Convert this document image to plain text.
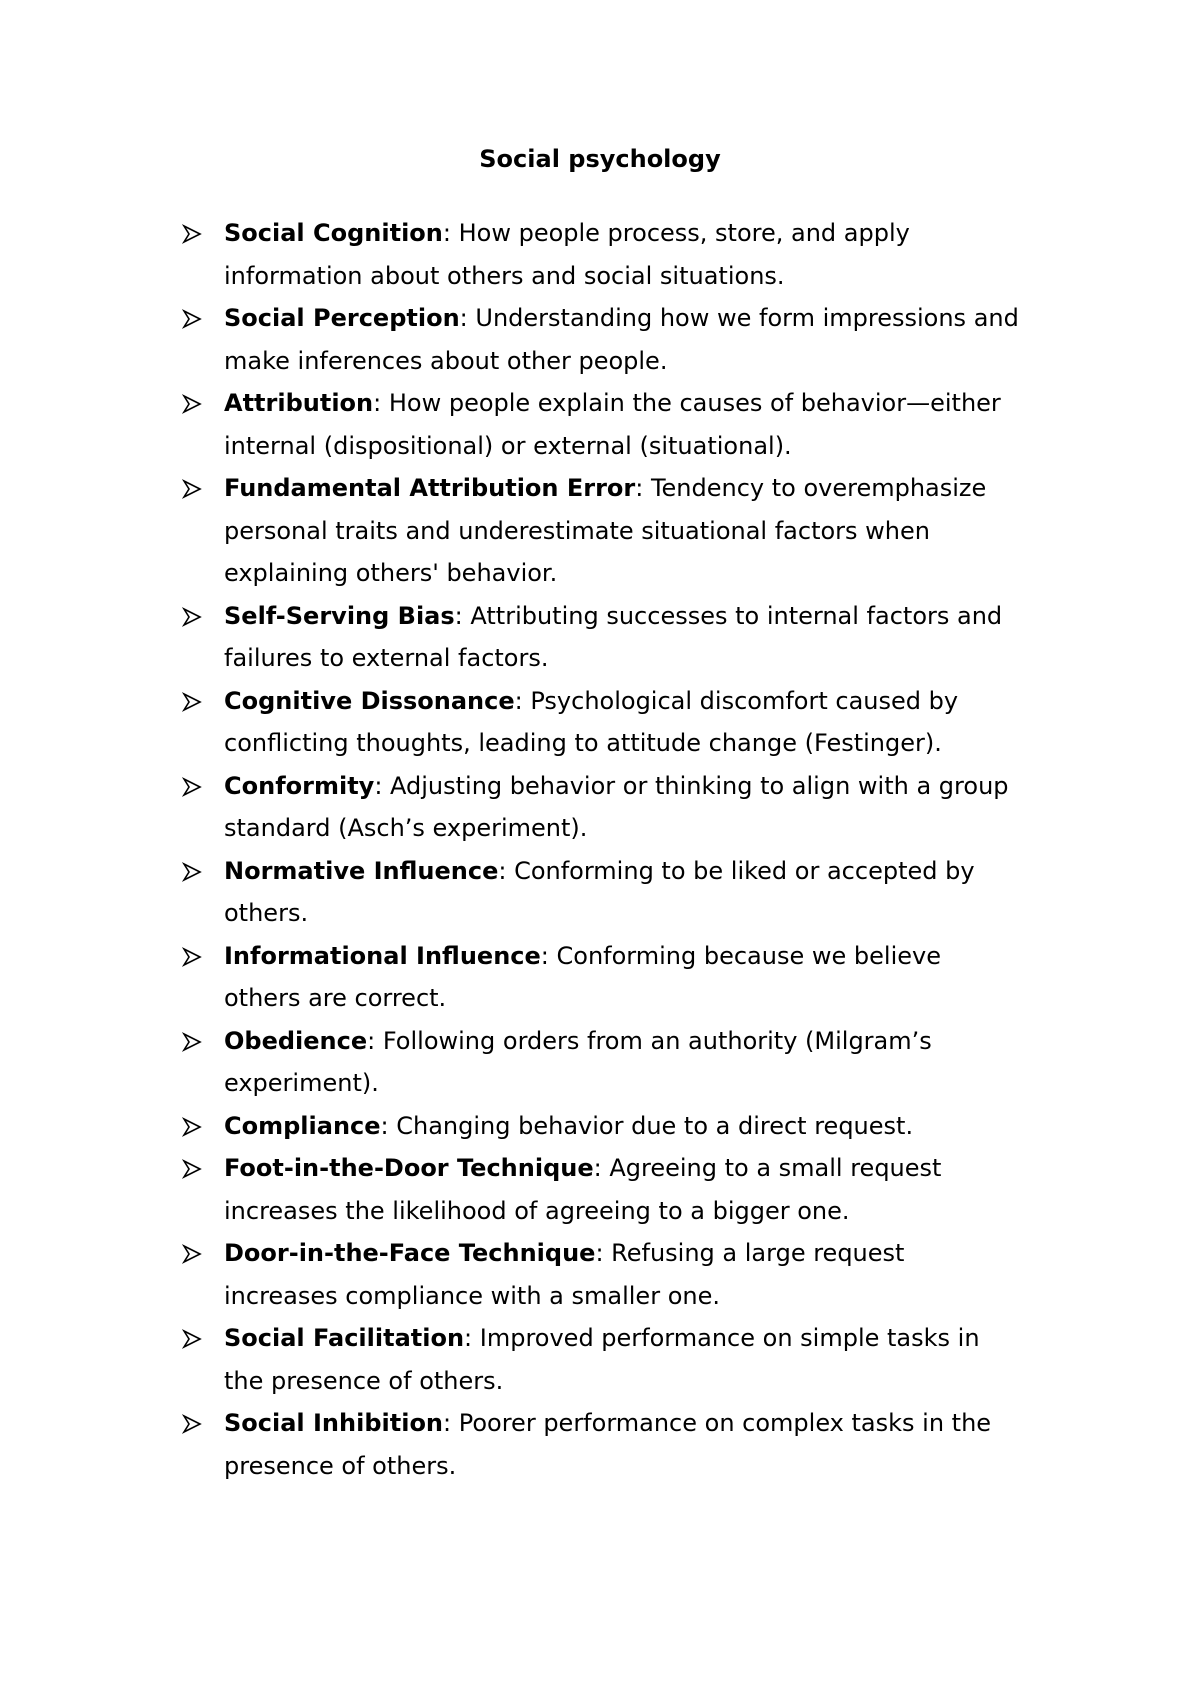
Social psychology
Social Cognition: How people process, store, and apply information about others and social situations.
Social Perception: Understanding how we form impressions and make inferences about other people.
Attribution: How people explain the causes of behavior—either internal (dispositional) or external (situational).
Fundamental Attribution Error: Tendency to overemphasize personal traits and underestimate situational factors when explaining others' behavior.
Self-Serving Bias: Attributing successes to internal factors and failures to external factors.
Cognitive Dissonance: Psychological discomfort caused by conflicting thoughts, leading to attitude change (Festinger).
Conformity: Adjusting behavior or thinking to align with a group standard (Asch’s experiment).
Normative Influence: Conforming to be liked or accepted by others.
Informational Influence: Conforming because we believe others are correct.
Obedience: Following orders from an authority (Milgram’s experiment).
Compliance: Changing behavior due to a direct request.
Foot-in-the-Door Technique: Agreeing to a small request increases the likelihood of agreeing to a bigger one.
Door-in-the-Face Technique: Refusing a large request increases compliance with a smaller one.
Social Facilitation: Improved performance on simple tasks in the presence of others.
Social Inhibition: Poorer performance on complex tasks in the presence of others.
